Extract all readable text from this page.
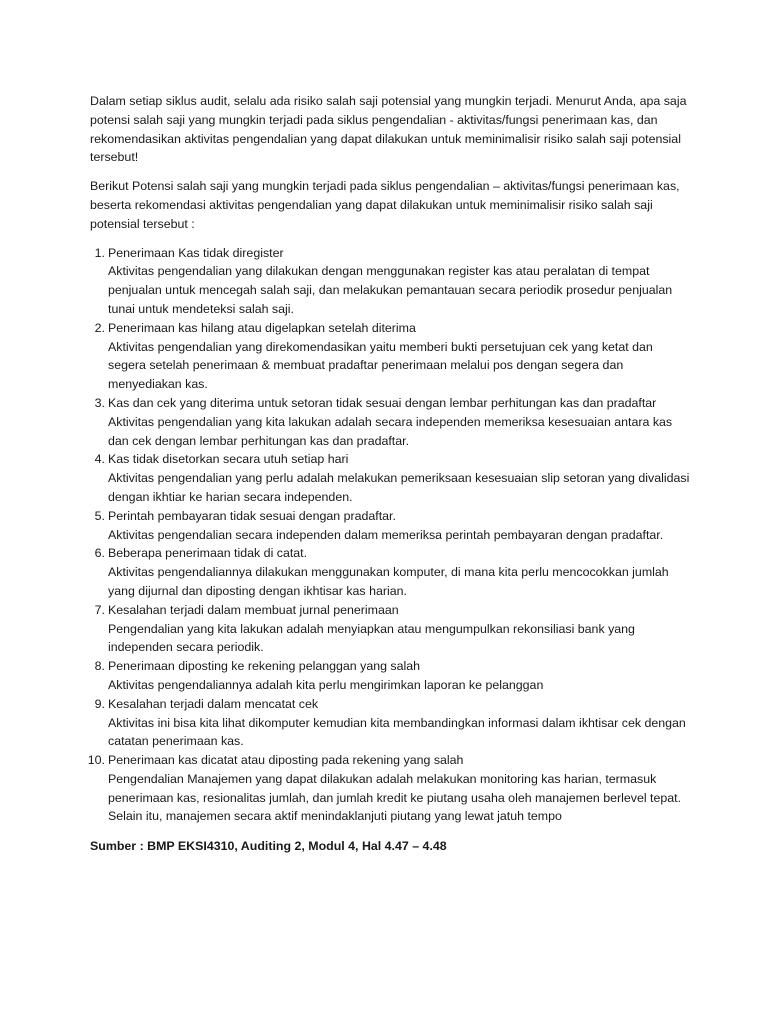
Dalam setiap siklus audit, selalu ada risiko salah saji potensial yang mungkin terjadi. Menurut Anda, apa saja potensi salah saji yang mungkin terjadi pada siklus pengendalian - aktivitas/fungsi penerimaan kas, dan rekomendasikan aktivitas pengendalian yang dapat dilakukan untuk meminimalisir risiko salah saji potensial tersebut!

Berikut Potensi salah saji yang mungkin terjadi pada siklus pengendalian – aktivitas/fungsi penerimaan kas, beserta rekomendasi aktivitas pengendalian yang dapat dilakukan untuk meminimalisir risiko salah saji potensial tersebut :

1. Penerimaan Kas tidak diregister
Aktivitas pengendalian yang dilakukan dengan menggunakan register kas atau peralatan di tempat penjualan untuk mencegah salah saji, dan melakukan pemantauan secara periodik prosedur penjualan tunai untuk mendeteksi salah saji.
2. Penerimaan kas hilang atau digelapkan setelah diterima
Aktivitas pengendalian yang direkomendasikan yaitu memberi bukti persetujuan cek yang ketat dan segera setelah penerimaan & membuat pradaftar penerimaan melalui pos dengan segera dan menyediakan kas.
3. Kas dan cek yang diterima untuk setoran tidak sesuai dengan lembar perhitungan kas dan pradaftar
Aktivitas pengendalian yang kita lakukan adalah secara independen memeriksa kesesuaian antara kas dan cek dengan lembar perhitungan kas dan pradaftar.
4. Kas tidak disetorkan secara utuh setiap hari
Aktivitas pengendalian yang perlu adalah melakukan pemeriksaan kesesuaian slip setoran yang divalidasi dengan ikhtiar ke harian secara independen.
5. Perintah pembayaran tidak sesuai dengan pradaftar.
Aktivitas pengendalian secara independen dalam memeriksa perintah pembayaran dengan pradaftar.
6. Beberapa penerimaan tidak di catat.
Aktivitas pengendaliannya dilakukan menggunakan komputer, di mana kita perlu mencocokkan jumlah yang dijurnal dan diposting dengan ikhtisar kas harian.
7. Kesalahan terjadi dalam membuat jurnal penerimaan
Pengendalian yang kita lakukan adalah menyiapkan atau mengumpulkan rekonsiliasi bank yang independen secara periodik.
8. Penerimaan diposting ke rekening pelanggan yang salah
Aktivitas pengendaliannya adalah kita perlu mengirimkan laporan ke pelanggan
9. Kesalahan terjadi dalam mencatat cek
Aktivitas ini bisa kita lihat dikomputer kemudian kita membandingkan informasi dalam ikhtisar cek dengan catatan penerimaan kas.
10. Penerimaan kas dicatat atau diposting pada rekening yang salah
Pengendalian Manajemen yang dapat dilakukan adalah melakukan monitoring kas harian, termasuk penerimaan kas, resionalitas jumlah, dan jumlah kredit ke piutang usaha oleh manajemen berlevel tepat. Selain itu, manajemen secara aktif menindaklanjuti piutang yang lewat jatuh tempo

Sumber : BMP EKSI4310, Auditing 2, Modul 4, Hal 4.47 – 4.48
